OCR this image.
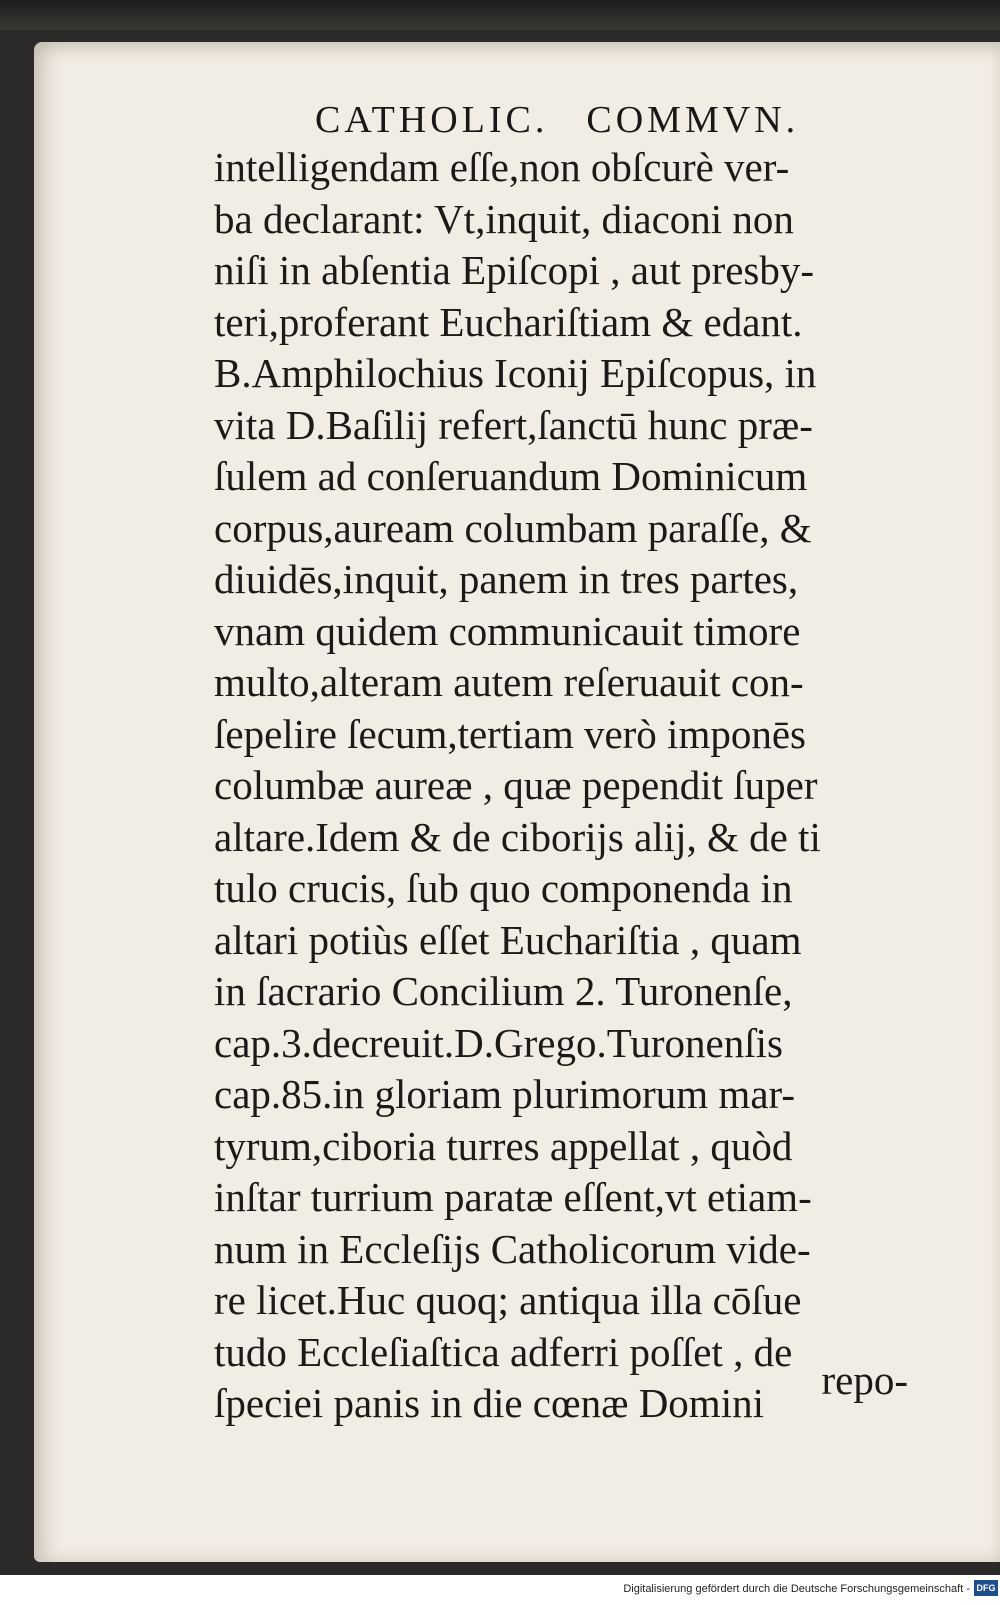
CATHOLIC. COMMVN.
intelligendam eſſe,non obſcurè ver-
ba declarant: Vt,inquit, diaconi non
niſi in abſentia Epiſcopi , aut presby-
teri,proferant Euchariſtiam & edant.
B.Amphilochius Iconij Epiſcopus, in
vita D.Baſilij refert,ſanctū hunc præ-
ſulem ad conſeruandum Dominicum
corpus,auream columbam paraſſe, &
diuidēs,inquit, panem in tres partes,
vnam quidem communicauit timore
multo,alteram autem reſeruauit con-
ſepelire ſecum,tertiam verò imponēs
columbæ aureæ , quæ pependit ſuper
altare.Idem & de ciborijs alij, & de ti
tulo crucis, ſub quo componenda in
altari potiùs eſſet Euchariſtia , quam
in ſacrario Concilium 2. Turonenſe,
cap.3.decreuit.D.Grego.Turonenſis
cap.85.in gloriam plurimorum mar-
tyrum,ciboria turres appellat , quòd
inſtar turrium paratæ eſſent,vt etiam-
num in Eccleſijs Catholicorum vide-
re licet.Huc quoq; antiqua illa cōſue
tudo Eccleſiaſtica adferri poſſet , de
ſpeciei panis in die cœnæ Domini	repo-
Digitalisierung gefördert durch die Deutsche Forschungsgemeinschaft - DFG
